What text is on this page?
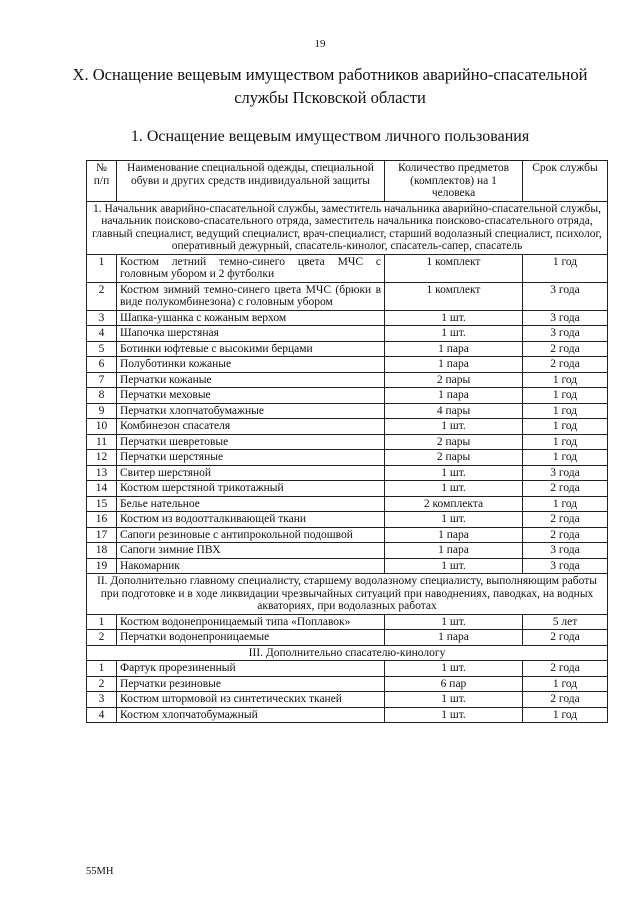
19
X. Оснащение вещевым имуществом работников аварийно-спасательной
службы Псковской области
1. Оснащение вещевым имуществом личного пользования
№ п/п	Наименование специальной одежды, специальной обуви и других средств индивидуальной защиты	Количество предметов (комплектов) на 1 человека	Срок службы
1. Начальник аварийно-спасательной службы, заместитель начальника аварийно-спасательной службы, начальник поисково-спасательного отряда, заместитель начальника поисково-спасательного отряда, главный специалист, ведущий специалист, врач-специалист, старший водолазный специалист, психолог, оперативный дежурный, спасатель-кинолог, спасатель-сапер, спасатель			
1	Костюм летний темно-синего цвета МЧС с головным убором и 2 футболки	1 комплект	1 год
2	Костюм зимний темно-синего цвета МЧС (брюки в виде полукомбинезона) с головным убором	1 комплект	3 года
3	Шапка-ушанка с кожаным верхом	1 шт.	3 года
4	Шапочка шерстяная	1 шт.	3 года
5	Ботинки юфтевые с высокими берцами	1 пара	2 года
6	Полуботинки кожаные	1 пара	2 года
7	Перчатки кожаные	2 пары	1 год
8	Перчатки меховые	1 пара	1 год
9	Перчатки хлопчатобумажные	4 пары	1 год
10	Комбинезон спасателя	1 шт.	1 год
11	Перчатки шевретовые	2 пары	1 год
12	Перчатки шерстяные	2 пары	1 год
13	Свитер шерстяной	1 шт.	3 года
14	Костюм шерстяной трикотажный	1 шт.	2 года
15	Белье нательное	2 комплекта	1 год
16	Костюм из водоотталкивающей ткани	1 шт.	2 года
17	Сапоги резиновые с антипрокольной подошвой	1 пара	2 года
18	Сапоги зимние ПВХ	1 пара	3 года
19	Накомарник	1 шт.	3 года
II. Дополнительно главному специалисту, старшему водолазному специалисту, выполняющим работы при подготовке и в ходе ликвидации чрезвычайных ситуаций при наводнениях, паводках, на водных акваториях, при водолазных работах			
1	Костюм водонепроницаемый типа «Поплавок»	1 шт.	5 лет
2	Перчатки водонепроницаемые	1 пара	2 года
III. Дополнительно спасателю-кинологу			
1	Фартук прорезиненный	1 шт.	2 года
2	Перчатки резиновые	6 пар	1 год
3	Костюм штормовой из синтетических тканей	1 шт.	2 года
4	Костюм хлопчатобумажный	1 шт.	1 год
55МН
